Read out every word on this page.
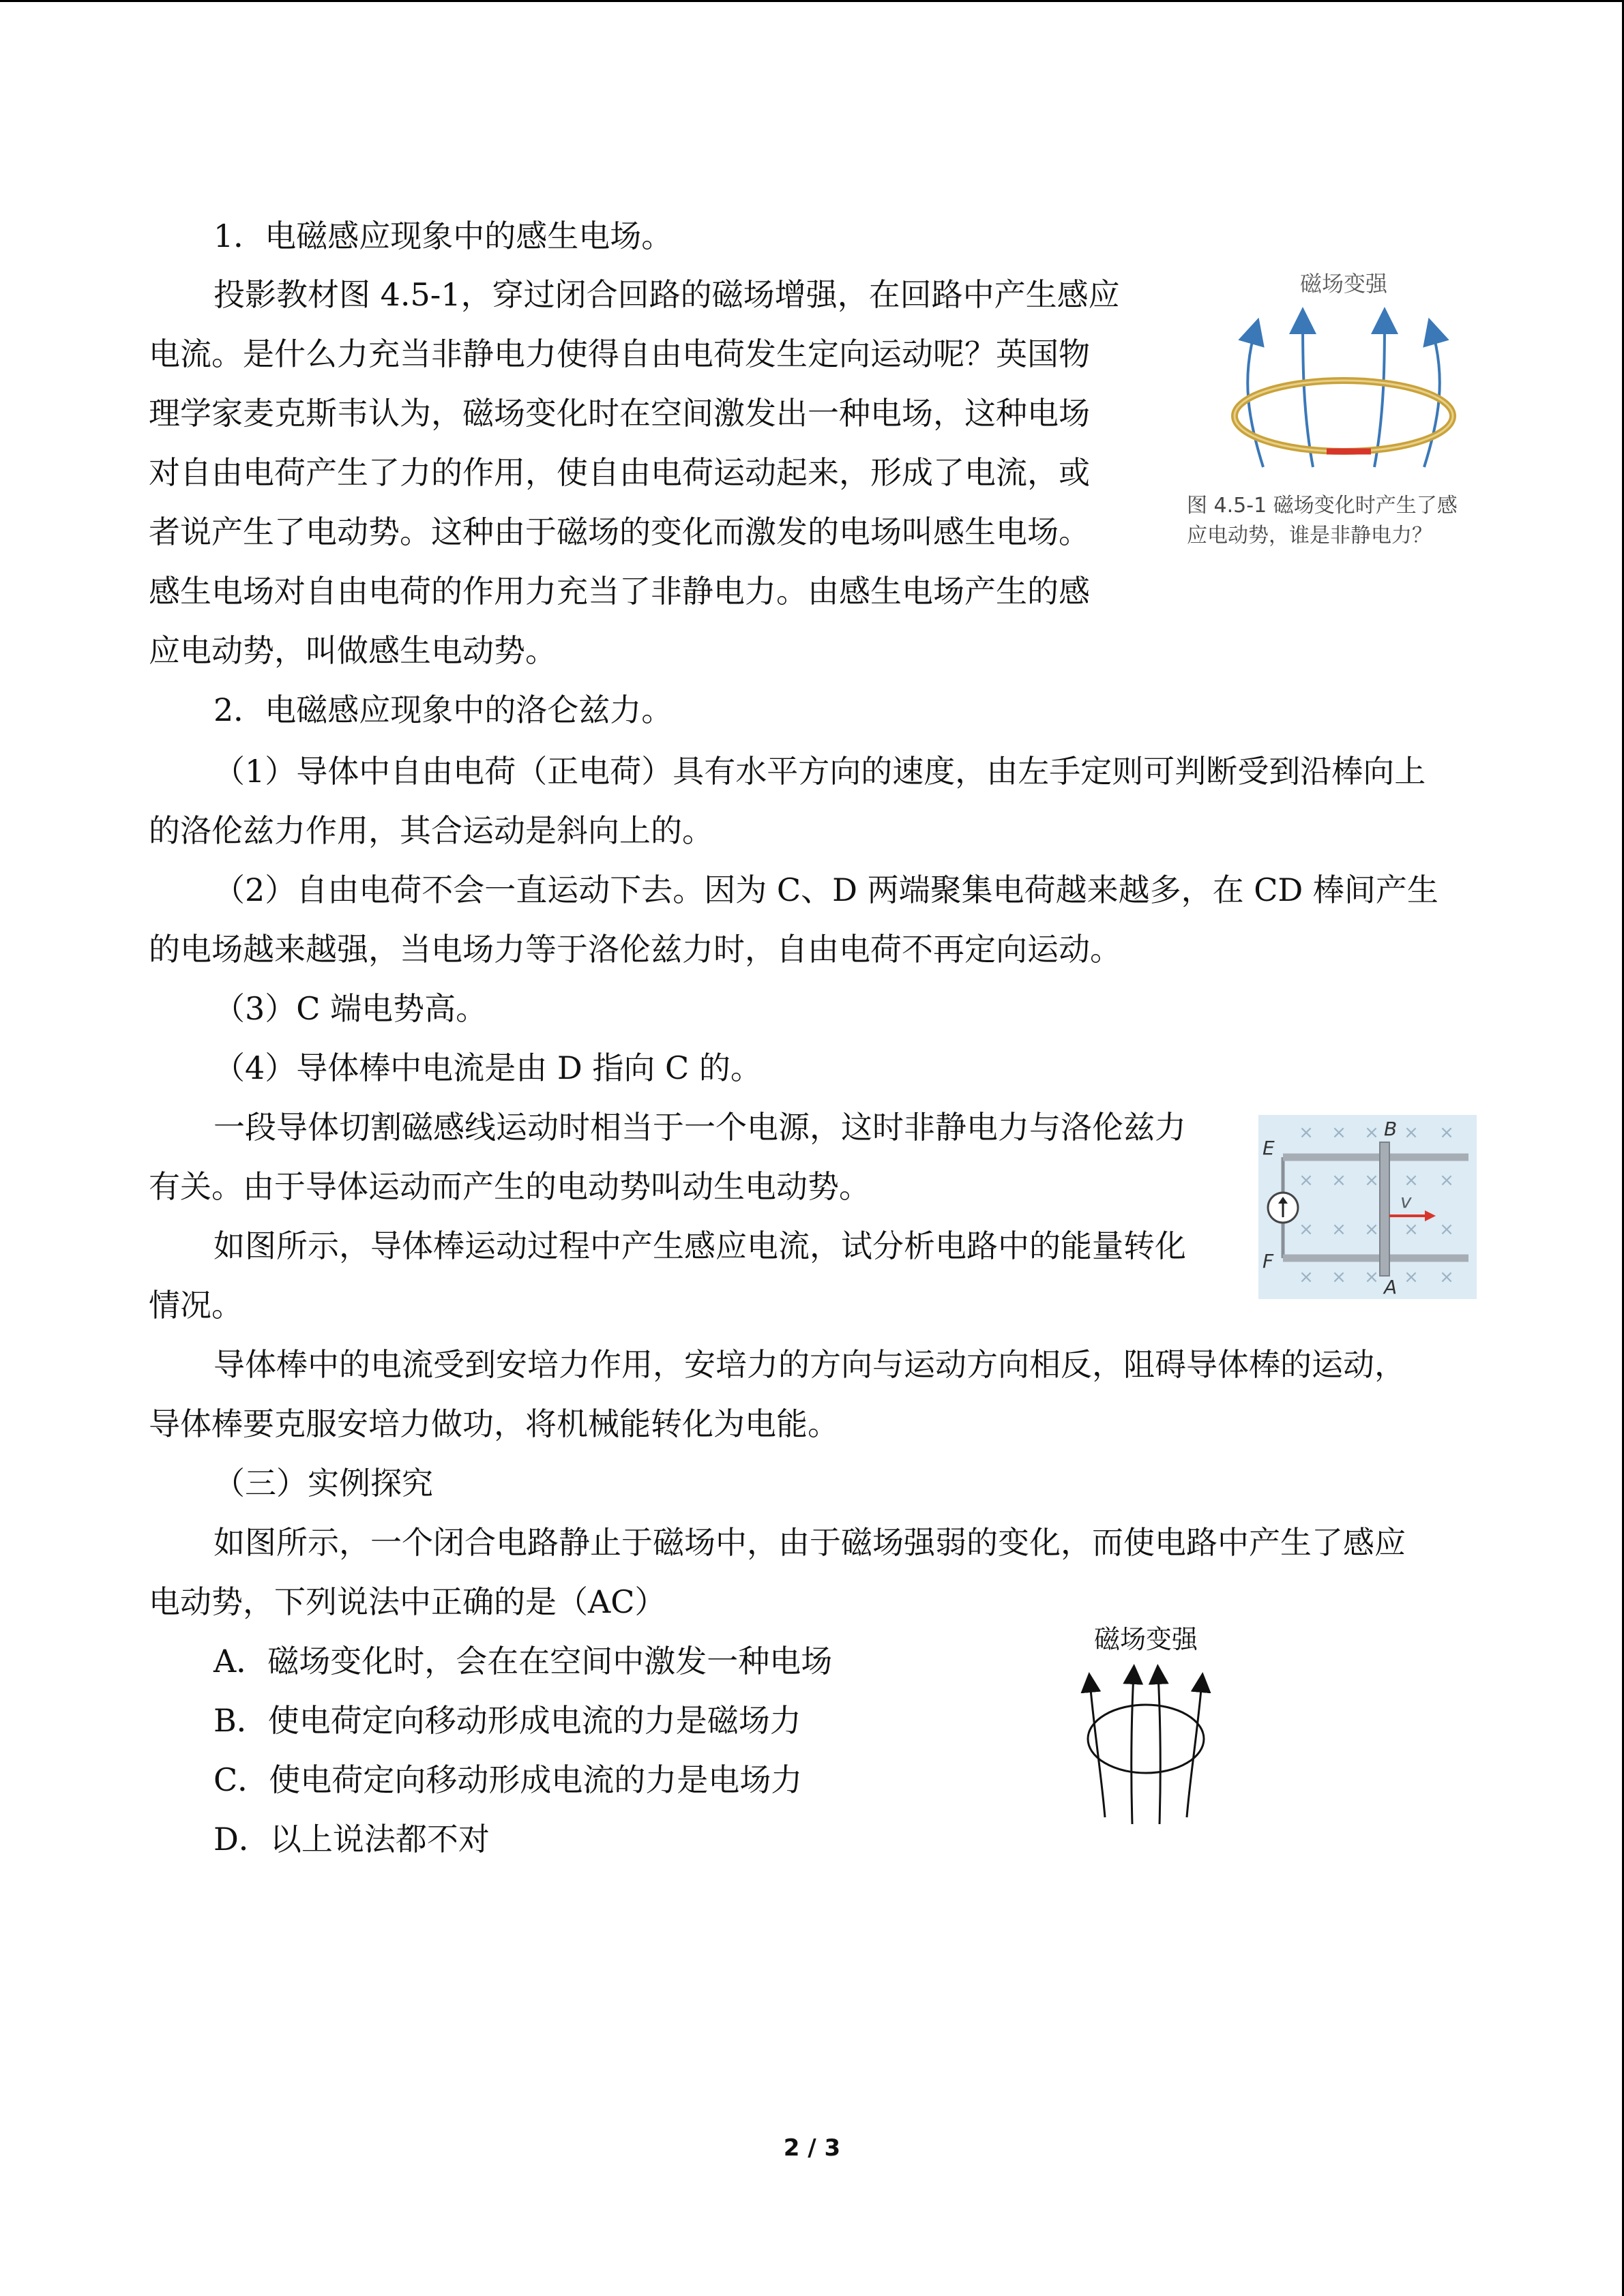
1．电磁感应现象中的感生电场。
投影教材图 4.5-1，穿过闭合回路的磁场增强，在回路中产生感应
电流。是什么力充当非静电力使得自由电荷发生定向运动呢？英国物
理学家麦克斯韦认为，磁场变化时在空间激发出一种电场，这种电场
对自由电荷产生了力的作用，使自由电荷运动起来，形成了电流，或
者说产生了电动势。这种由于磁场的变化而激发的电场叫感生电场。
感生电场对自由电荷的作用力充当了非静电力。由感生电场产生的感
应电动势，叫做感生电动势。
磁场变强
图 4.5-1 磁场变化时产生了感
应电动势，谁是非静电力？
2．电磁感应现象中的洛仑兹力。
（1）导体中自由电荷（正电荷）具有水平方向的速度，由左手定则可判断受到沿棒向上
的洛伦兹力作用，其合运动是斜向上的。
（2）自由电荷不会一直运动下去。因为 C、D 两端聚集电荷越来越多，在 CD 棒间产生
的电场越来越强，当电场力等于洛伦兹力时，自由电荷不再定向运动。
（3）C 端电势高。
（4）导体棒中电流是由 D 指向 C 的。
一段导体切割磁感线运动时相当于一个电源，这时非静电力与洛伦兹力
有关。由于导体运动而产生的电动势叫动生电动势。
如图所示，导体棒运动过程中产生感应电流，试分析电路中的能量转化
情况。
导体棒中的电流受到安培力作用，安培力的方向与运动方向相反，阻碍导体棒的运动，
导体棒要克服安培力做功，将机械能转化为电能。
× × × × ×
× × × × ×
× × × × ×
× × × × ×
E
F
B
A
v
（三）实例探究
如图所示，一个闭合电路静止于磁场中，由于磁场强弱的变化，而使电路中产生了感应
电动势，下列说法中正确的是（AC）
A．磁场变化时，会在在空间中激发一种电场
B．使电荷定向移动形成电流的力是磁场力
C．使电荷定向移动形成电流的力是电场力
D．以上说法都不对
磁场变强
2 / 3
